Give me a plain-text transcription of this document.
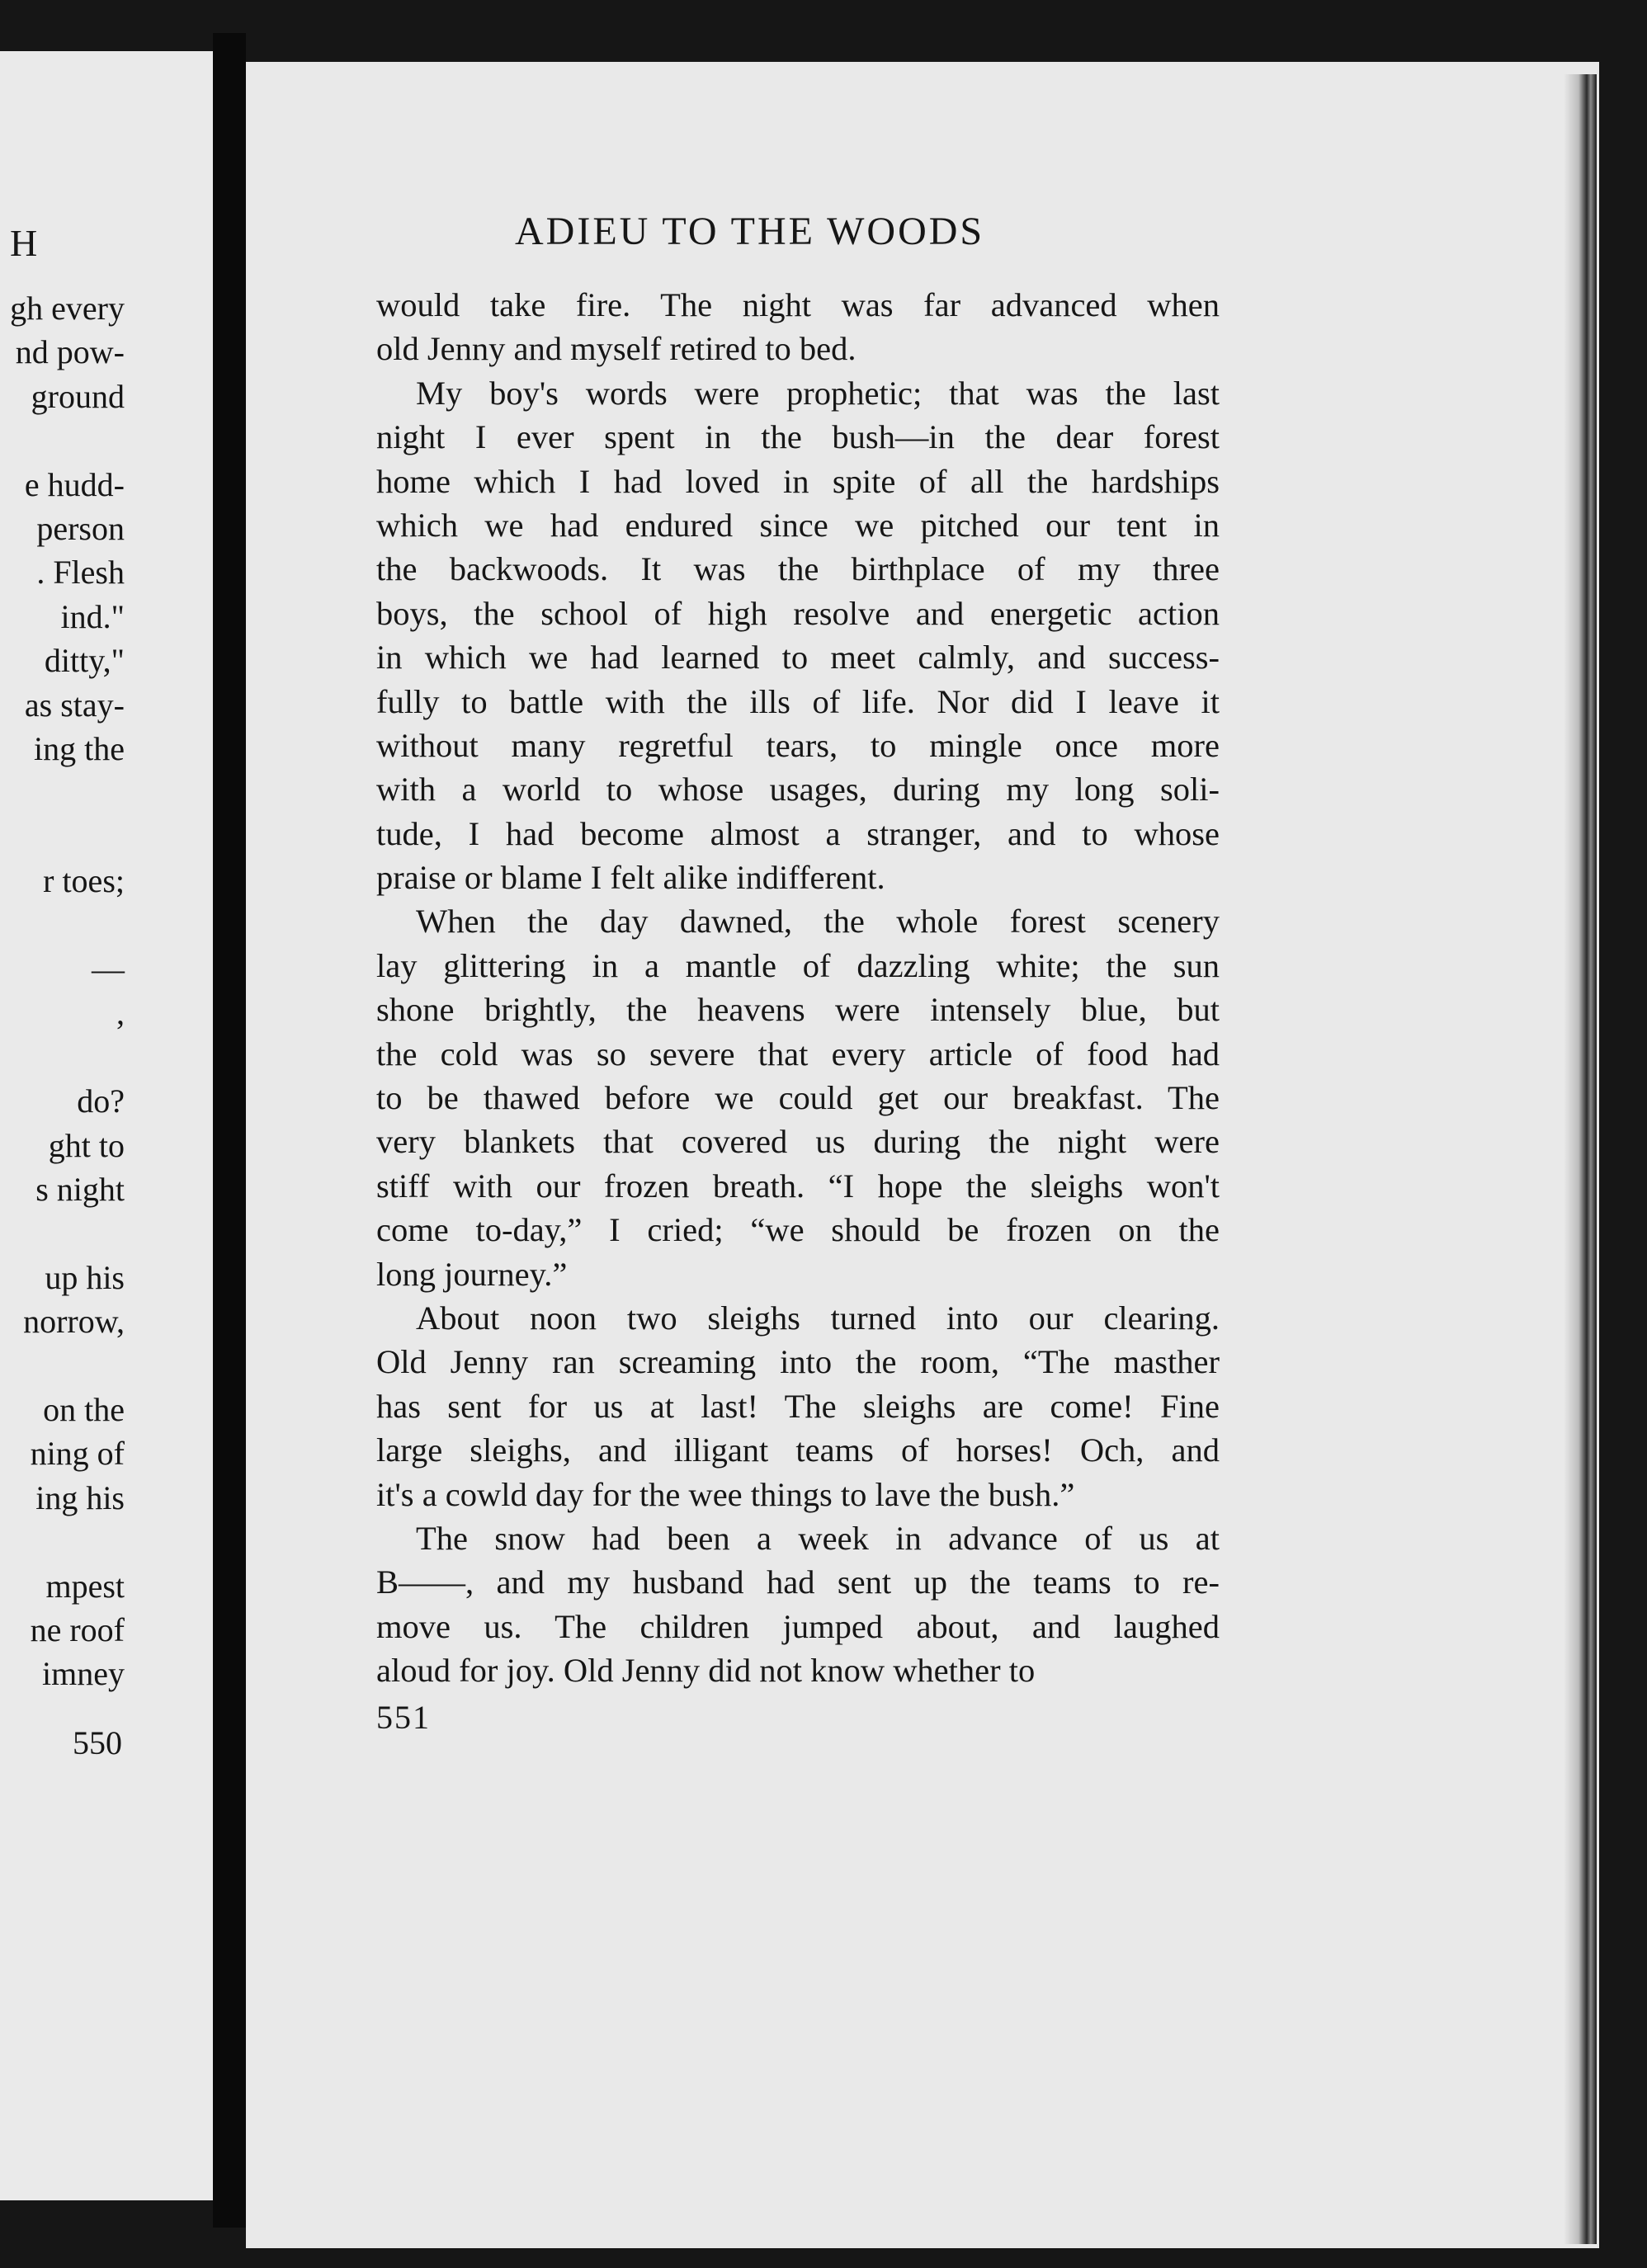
H
gh every
nd pow-
ground
e hudd-
person
. Flesh
ind."
ditty,"
as stay-
ing the
r toes;
—
,
do?
ght to
s night
up his
norrow,
on the
ning of
ing his
mpest
ne roof
imney
550
ADIEU TO THE WOODS
would take fire. The night was far advanced when
old Jenny and myself retired to bed.
My boy's words were prophetic; that was the last
night I ever spent in the bush—in the dear forest
home which I had loved in spite of all the hardships
which we had endured since we pitched our tent in
the backwoods. It was the birthplace of my three
boys, the school of high resolve and energetic action
in which we had learned to meet calmly, and success-
fully to battle with the ills of life. Nor did I leave it
without many regretful tears, to mingle once more
with a world to whose usages, during my long soli-
tude, I had become almost a stranger, and to whose
praise or blame I felt alike indifferent.
When the day dawned, the whole forest scenery
lay glittering in a mantle of dazzling white; the sun
shone brightly, the heavens were intensely blue, but
the cold was so severe that every article of food had
to be thawed before we could get our breakfast. The
very blankets that covered us during the night were
stiff with our frozen breath. “I hope the sleighs won't
come to-day,” I cried; “we should be frozen on the
long journey.”
About noon two sleighs turned into our clearing.
Old Jenny ran screaming into the room, “The masther
has sent for us at last! The sleighs are come! Fine
large sleighs, and illigant teams of horses! Och, and
it's a cowld day for the wee things to lave the bush.”
The snow had been a week in advance of us at
B——, and my husband had sent up the teams to re-
move us. The children jumped about, and laughed
aloud for joy. Old Jenny did not know whether to
551
